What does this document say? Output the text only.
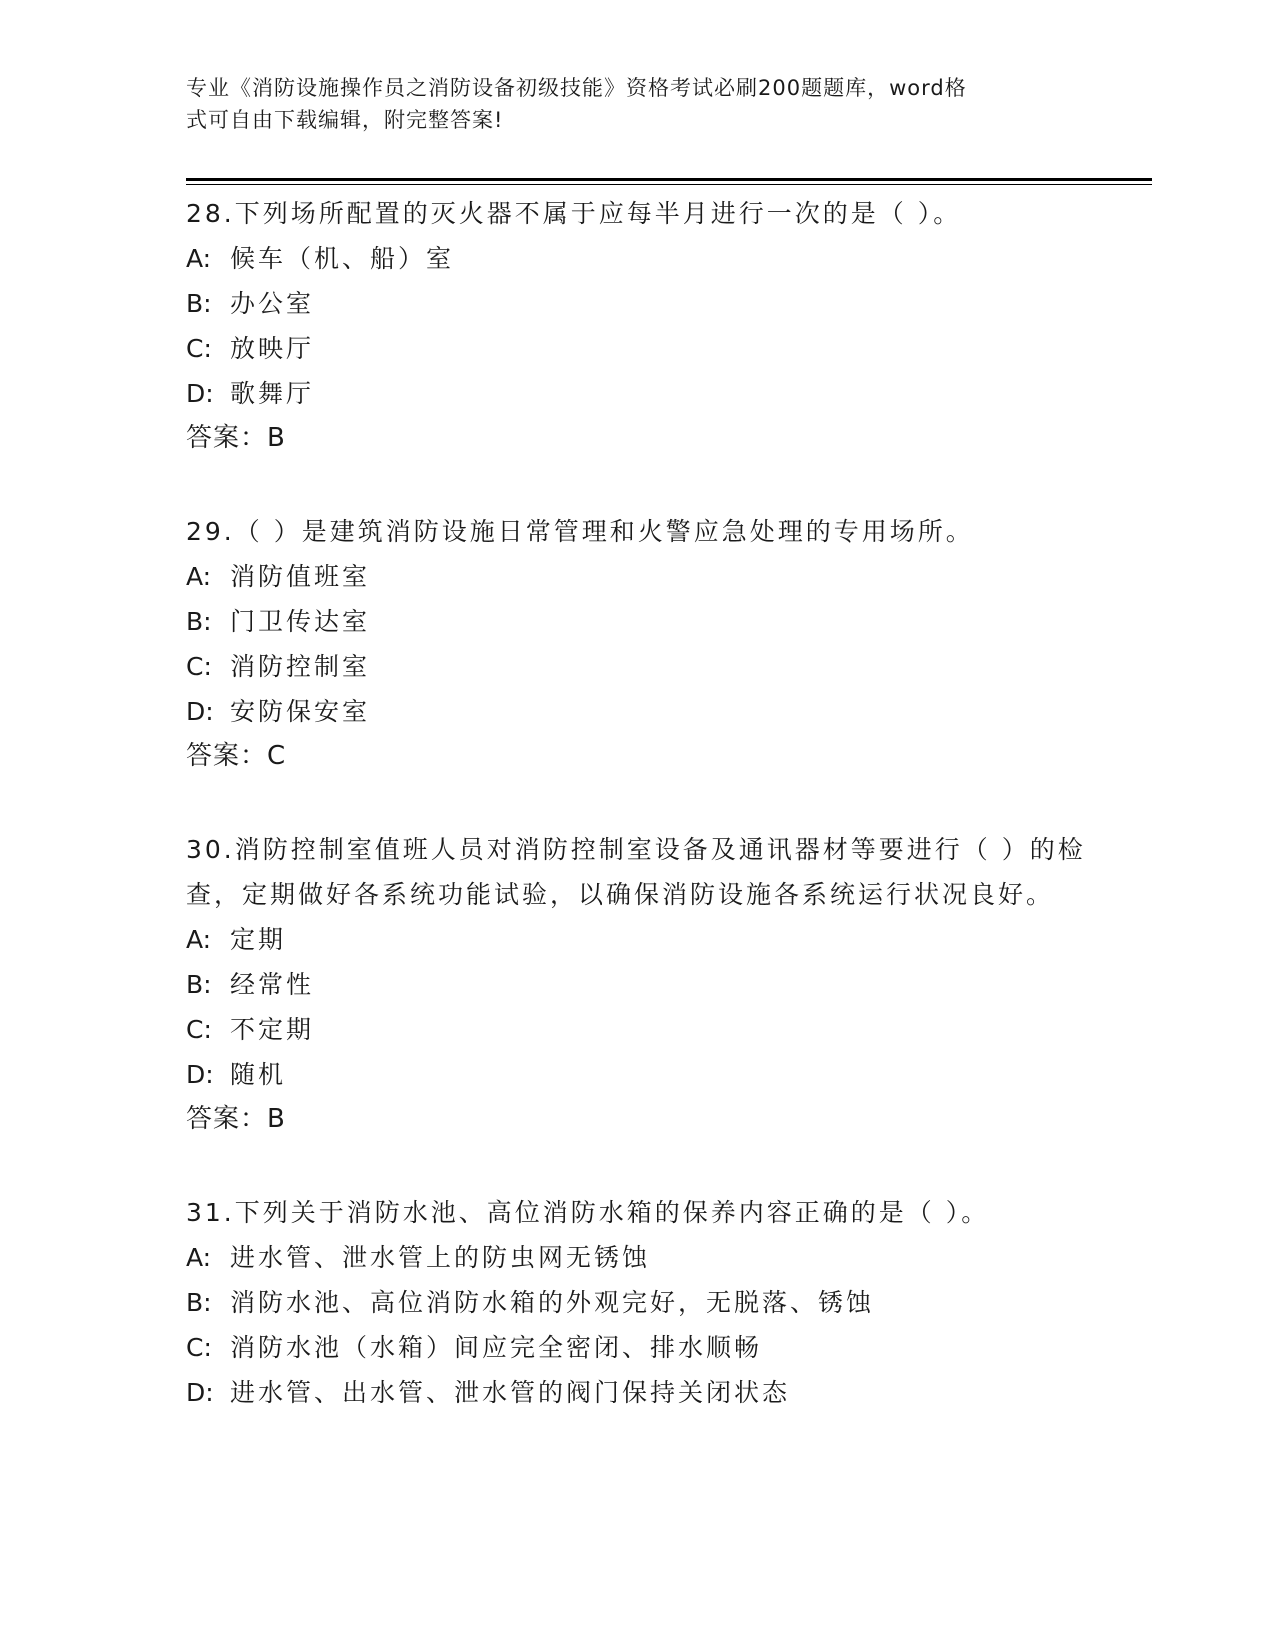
专业《消防设施操作员之消防设备初级技能》资格考试必刷200题题库，word格
式可自由下载编辑，附完整答案!
28.下列场所配置的灭火器不属于应每半月进行一次的是（ ）。
A: 候车（机、船）室
B: 办公室
C: 放映厅
D: 歌舞厅
答案：B
29.（ ）是建筑消防设施日常管理和火警应急处理的专用场所。
A: 消防值班室
B: 门卫传达室
C: 消防控制室
D: 安防保安室
答案：C
30.消防控制室值班人员对消防控制室设备及通讯器材等要进行（ ）的检查，定期做好各系统功能试验，以确保消防设施各系统运行状况良好。
A: 定期
B: 经常性
C: 不定期
D: 随机
答案：B
31.下列关于消防水池、高位消防水箱的保养内容正确的是（ ）。
A: 进水管、泄水管上的防虫网无锈蚀
B: 消防水池、高位消防水箱的外观完好，无脱落、锈蚀
C: 消防水池（水箱）间应完全密闭、排水顺畅
D: 进水管、出水管、泄水管的阀门保持关闭状态
